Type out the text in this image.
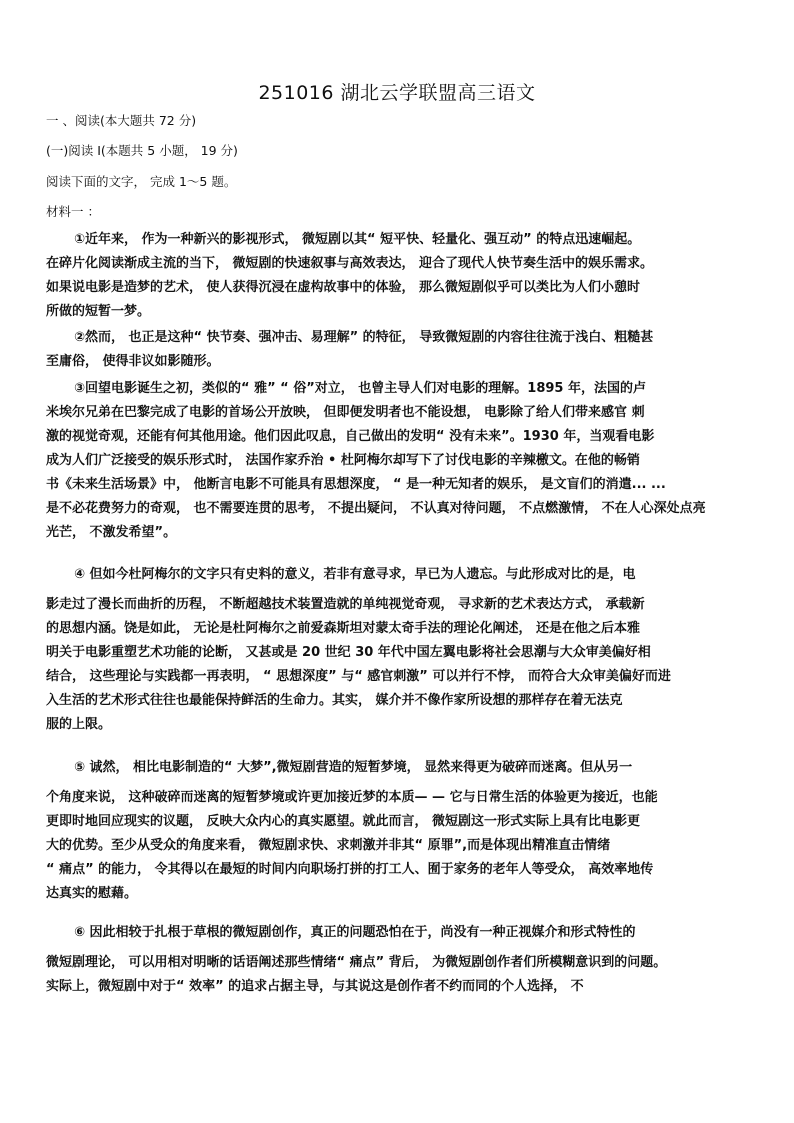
251016 湖北云学联盟高三语文
一 、阅读(本大题共 72 分)
(一)阅读 I(本题共 5 小题， 19 分)
阅读下面的文字， 完成 1～5 题。
材料一 ：
①近年来， 作为一种新兴的影视形式， 微短剧以其“ 短平快、轻量化、强互动” 的特点迅速崛起。
在碎片化阅读渐成主流的当下， 微短剧的快速叙事与高效表达， 迎合了现代人快节奏生活中的娱乐需求。
如果说电影是造梦的艺术， 使人获得沉浸在虚构故事中的体验， 那么微短剧似乎可以类比为人们小憩时
所做的短暂一梦。
②然而， 也正是这种“ 快节奏、强冲击、易理解” 的特征， 导致微短剧的内容往往流于浅白、粗糙甚
至庸俗， 使得非议如影随形。
③回望电影诞生之初，类似的“ 雅” “ 俗”对立， 也曾主导人们对电影的理解。1895 年，法国的卢
米埃尔兄弟在巴黎完成了电影的首场公开放映， 但即便发明者也不能设想， 电影除了给人们带来感官 刺
激的视觉奇观，还能有何其他用途。他们因此叹息，自己做出的发明“ 没有未来”。1930 年，当观看电影
成为人们广泛接受的娱乐形式时， 法国作家乔治 • 杜阿梅尔却写下了讨伐电影的辛辣檄文。在他的畅销
书《未来生活场景》中， 他断言电影不可能具有思想深度， “ 是一种无知者的娱乐， 是文盲们的消遣... ...
是不必花费努力的奇观， 也不需要连贯的思考， 不提出疑问， 不认真对待问题， 不点燃激情， 不在人心深处点亮
光芒， 不激发希望”。
④ 但如今杜阿梅尔的文字只有史料的意义，若非有意寻求，早已为人遗忘。与此形成对比的是，电
影走过了漫长而曲折的历程， 不断超越技术装置造就的单纯视觉奇观， 寻求新的艺术表达方式， 承载新
的思想内涵。饶是如此， 无论是杜阿梅尔之前爱森斯坦对蒙太奇手法的理论化阐述， 还是在他之后本雅
明关于电影重塑艺术功能的论断， 又甚或是 20 世纪 30 年代中国左翼电影将社会思潮与大众审美偏好相
结合， 这些理论与实践都一再表明， “ 思想深度” 与“ 感官刺激” 可以并行不悖， 而符合大众审美偏好而进
入生活的艺术形式往往也最能保持鲜活的生命力。其实， 媒介并不像作家所设想的那样存在着无法克
服的上限。
⑤ 诚然， 相比电影制造的“ 大梦”,微短剧营造的短暂梦境， 显然来得更为破碎而迷离。但从另一
个角度来说， 这种破碎而迷离的短暂梦境或许更加接近梦的本质— — 它与日常生活的体验更为接近，也能
更即时地回应现实的议题， 反映大众内心的真实愿望。就此而言， 微短剧这一形式实际上具有比电影更
大的优势。至少从受众的角度来看， 微短剧求快、求刺激并非其“ 原罪”,而是体现出精准直击情绪
“ 痛点” 的能力， 令其得以在最短的时间内向职场打拼的打工人、囿于家务的老年人等受众， 高效率地传
达真实的慰藉。
⑥ 因此相较于扎根于草根的微短剧创作，真正的问题恐怕在于，尚没有一种正视媒介和形式特性的
微短剧理论， 可以用相对明晰的话语阐述那些情绪“ 痛点” 背后， 为微短剧创作者们所模糊意识到的问题。
实际上，微短剧中对于“ 效率” 的追求占据主导，与其说这是创作者不约而同的个人选择， 不
